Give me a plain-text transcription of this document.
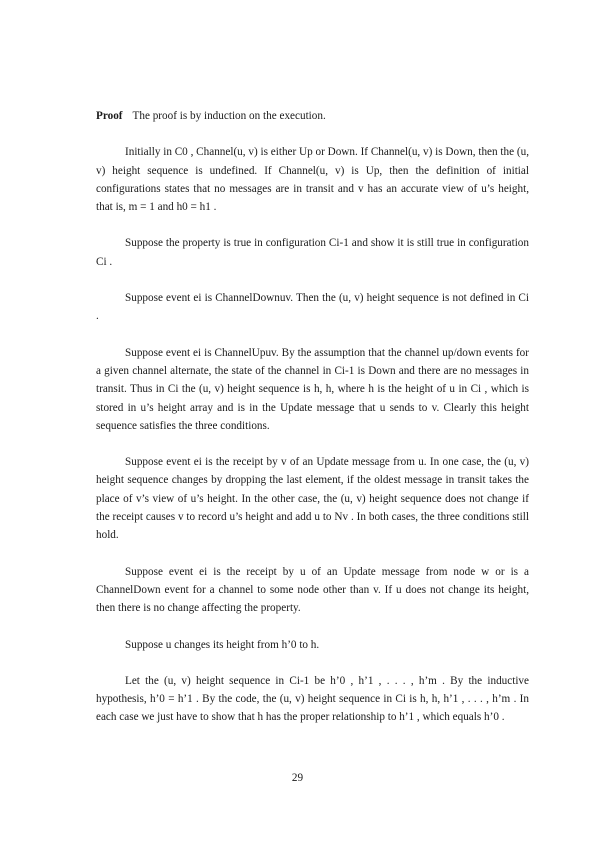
Proof The proof is by induction on the execution.

Initially in C0 , Channel(u, v) is either Up or Down. If Channel(u, v) is Down, then the (u, v) height sequence is undefined. If Channel(u, v) is Up, then the definition of initial configurations states that no messages are in transit and v has an accurate view of u’s height, that is, m = 1 and h0 = h1 .

Suppose the property is true in configuration Ci-1 and show it is still true in configuration Ci .

Suppose event ei is ChannelDownuv. Then the (u, v) height sequence is not defined in Ci .

Suppose event ei is ChannelUpuv. By the assumption that the channel up/down events for a given channel alternate, the state of the channel in Ci-1 is Down and there are no messages in transit. Thus in Ci the (u, v) height sequence is h, h, where h is the height of u in Ci , which is stored in u’s height array and is in the Update message that u sends to v. Clearly this height sequence satisfies the three conditions.

Suppose event ei is the receipt by v of an Update message from u. In one case, the (u, v) height sequence changes by dropping the last element, if the oldest message in transit takes the place of v’s view of u’s height. In the other case, the (u, v) height sequence does not change if the receipt causes v to record u’s height and add u to Nv . In both cases, the three conditions still hold.

Suppose event ei is the receipt by u of an Update message from node w or is a ChannelDown event for a channel to some node other than v. If u does not change its height, then there is no change affecting the property.

Suppose u changes its height from h’0 to h.

Let the (u, v) height sequence in Ci-1 be h’0 , h’1 , . . . , h’m . By the inductive hypothesis, h’0 = h’1 . By the code, the (u, v) height sequence in Ci is h, h, h’1 , . . . , h’m . In each case we just have to show that h has the proper relationship to h’1 , which equals h’0 .

29
